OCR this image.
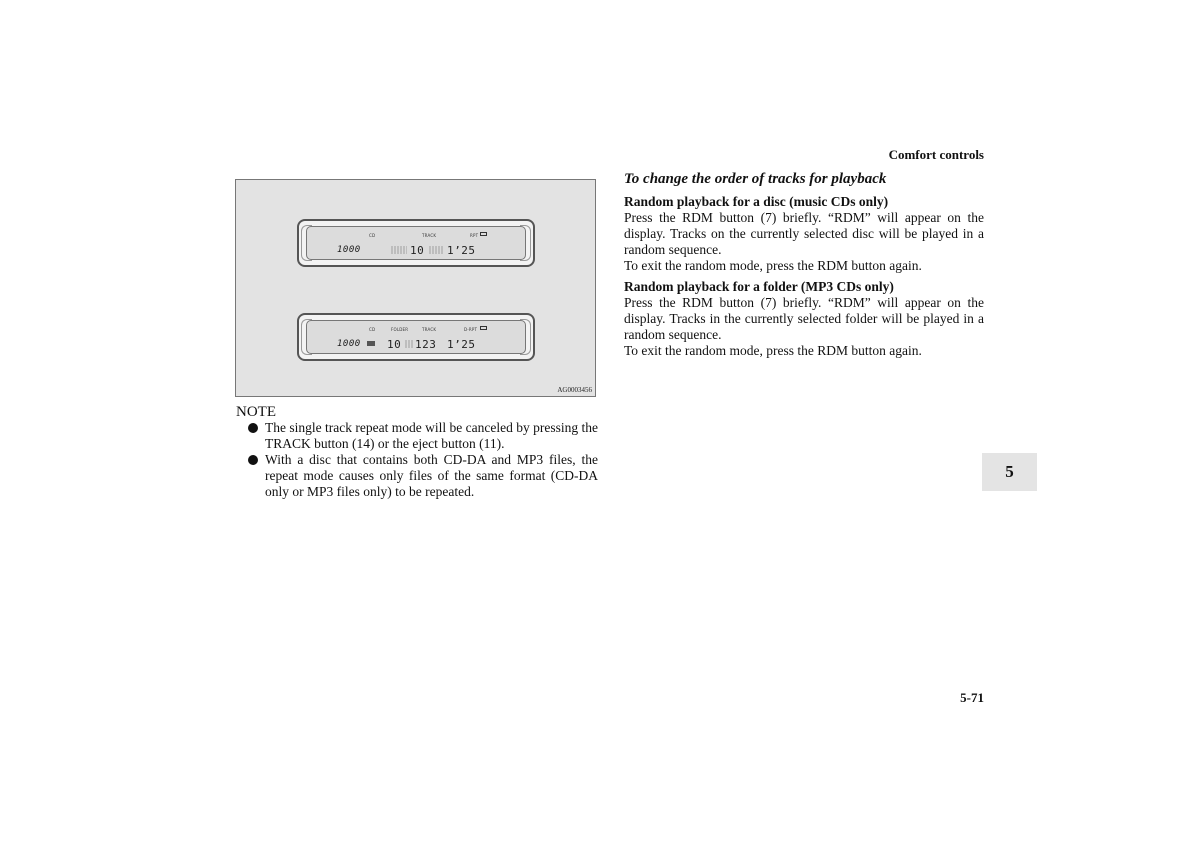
Comfort controls
CD	TRACK	RPT
1000	10 1’25
CD	FOLDER	TRACK	D-RPT
1000 10 123 1’25
AG0003456
NOTE
The single track repeat mode will be canceled by pressing the TRACK button (14) or the eject button (11).
With a disc that contains both CD-DA and MP3 files, the repeat mode causes only files of the same format (CD-DA only or MP3 files only) to be repeated.
To change the order of tracks for playback

Random playback for a disc (music CDs only)

Press the RDM button (7) briefly. “RDM” will appear on the display. Tracks on the currently selected disc will be played in a random sequence.

To exit the random mode, press the RDM button again.

Random playback for a folder (MP3 CDs only)

Press the RDM button (7) briefly. “RDM” will appear on the display. Tracks in the currently selected folder will be played in a random sequence.

To exit the random mode, press the RDM button again.

5
5-71
